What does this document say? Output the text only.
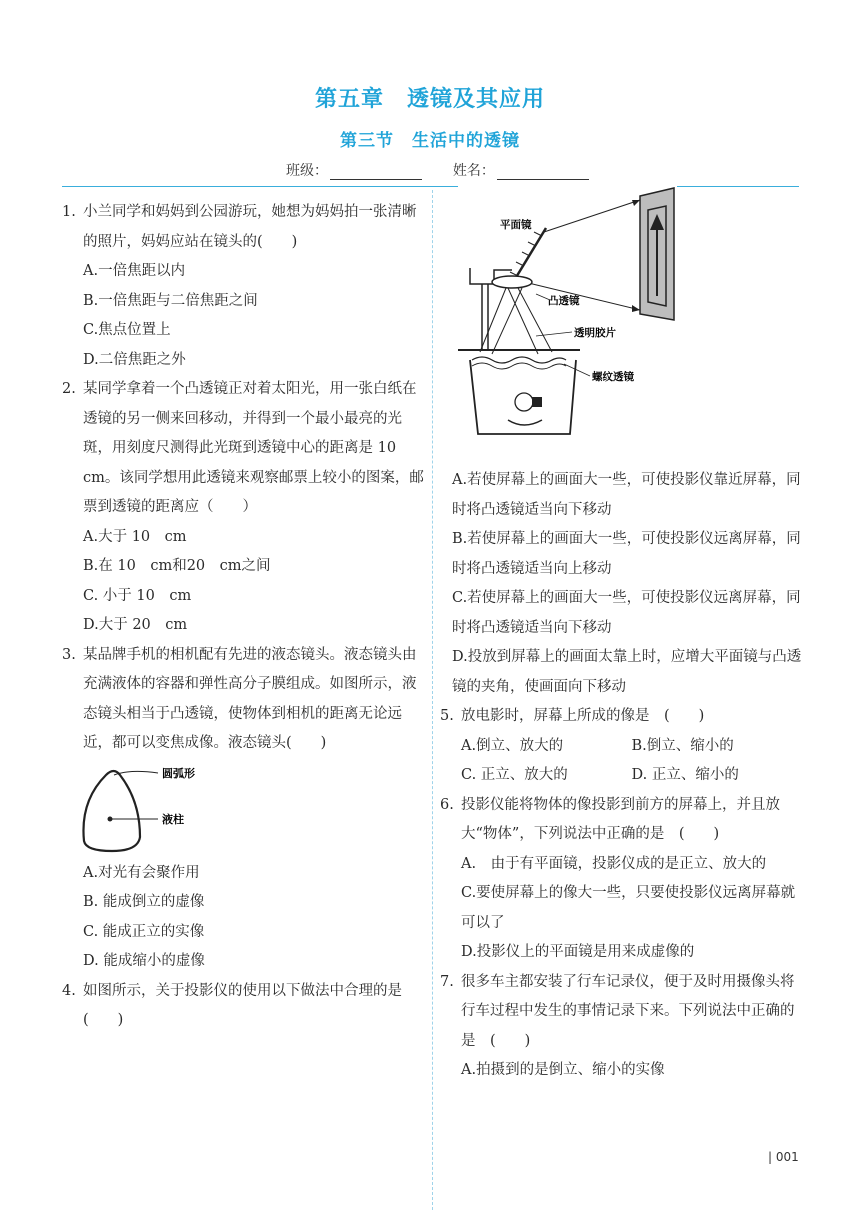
第五章　透镜及其应用
第三节　生活中的透镜
班级：	姓名：
1. 小兰同学和妈妈到公园游玩，她想为妈妈拍一张清晰的照片，妈妈应站在镜头的(　　)
A.一倍焦距以内
B.一倍焦距与二倍焦距之间
C.焦点位置上
D.二倍焦距之外
2. 某同学拿着一个凸透镜正对着太阳光，用一张白纸在透镜的另一侧来回移动，并得到一个最小最亮的光斑，用刻度尺测得此光斑到透镜中心的距离是 10　cm。该同学想用此透镜来观察邮票上较小的图案，邮票到透镜的距离应（　　）
A.大于 10　cm
B.在 10　cm和20　cm之间
C. 小于 10　cm
D.大于 20　cm
3. 某品牌手机的相机配有先进的液态镜头。液态镜头由充满液体的容器和弹性高分子膜组成。如图所示，液态镜头相当于凸透镜，使物体到相机的距离无论远近，都可以变焦成像。液态镜头(　　)
圆弧形
液柱
A.对光有会聚作用
B. 能成倒立的虚像
C. 能成正立的实像
D. 能成缩小的虚像
4. 如图所示，关于投影仪的使用以下做法中合理的是(　　)
平面镜
凸透镜
透明胶片
螺纹透镜
A.若使屏幕上的画面大一些，可使投影仪靠近屏幕，同时将凸透镜适当向下移动
B.若使屏幕上的画面大一些，可使投影仪远离屏幕，同时将凸透镜适当向上移动
C.若使屏幕上的画面大一些，可使投影仪远离屏幕，同时将凸透镜适当向下移动
D.投放到屏幕上的画面太靠上时，应增大平面镜与凸透镜的夹角，使画面向下移动
5. 放电影时，屏幕上所成的像是　(　　)
A.倒立、放大的	B.倒立、缩小的
C. 正立、放大的	D. 正立、缩小的
6. 投影仪能将物体的像投影到前方的屏幕上，并且放大“物体”，下列说法中正确的是　(　　)
A.　由于有平面镜，投影仪成的是正立、放大的
C.要使屏幕上的像大一些，只要使投影仪远离屏幕就可以了
D.投影仪上的平面镜是用来成虚像的
7. 很多车主都安装了行车记录仪，便于及时用摄像头将行车过程中发生的事情记录下来。下列说法中正确的是　(　　)
A.拍摄到的是倒立、缩小的实像
| 001
